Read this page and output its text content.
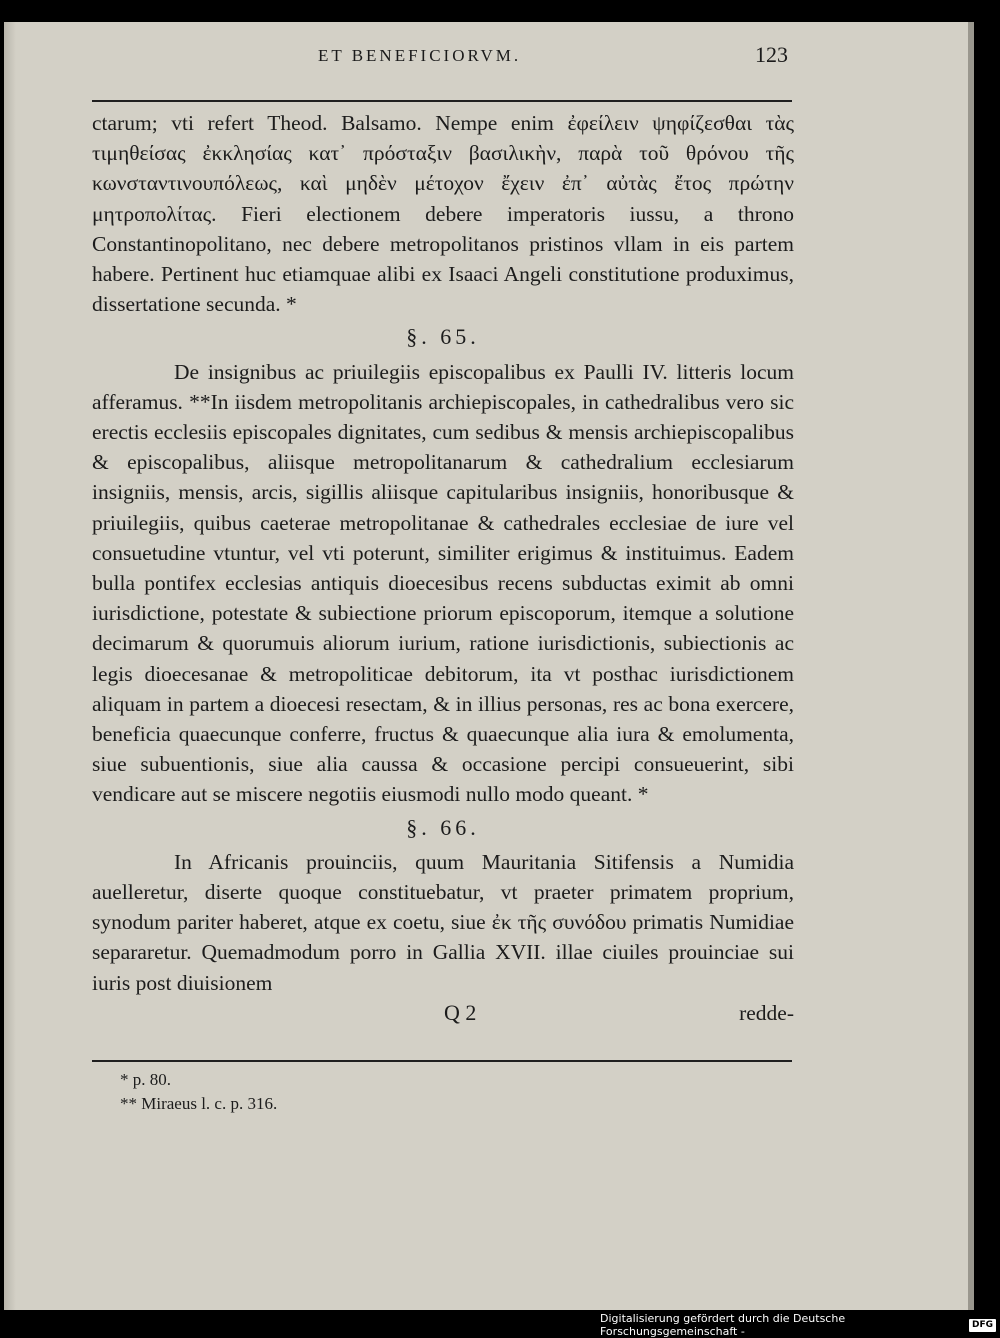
ET BENEFICIORVM.	123

ctarum; vti refert Theod. Balsamo. Nempe enim ἐφείλειν ψηφίζεσθαι τὰς τιμηθείσας ἐκκλησίας κατ᾽ πρόσταξιν βασιλικὴν, παρὰ τοῦ θρόνου τῆς κωνσταντινουπόλεως, καὶ μηδὲν μέτοχον ἔχειν ἐπ᾽ αὐτὰς ἔτος πρώτην μητροπολίτας. Fieri electionem debere imperatoris iussu, a throno Constantinopolitano, nec debere metropolitanos pristinos vllam in eis partem habere. Pertinent huc etiamquae alibi ex Isaaci Angeli constitutione produximus, dissertatione secunda. *

§. 65.

De insignibus ac priuilegiis episcopalibus ex Paulli IV. litteris locum afferamus. **In iisdem metropolitanis archiepiscopales, in cathedralibus vero sic erectis ecclesiis episcopales dignitates, cum sedibus & mensis archiepiscopalibus & episcopalibus, aliisque metropolitanarum & cathedralium ecclesiarum insigniis, mensis, arcis, sigillis aliisque capitularibus insigniis, honoribusque & priuilegiis, quibus caeterae metropolitanae & cathedrales ecclesiae de iure vel consuetudine vtuntur, vel vti poterunt, similiter erigimus & instituimus. Eadem bulla pontifex ecclesias antiquis dioecesibus recens subductas eximit ab omni iurisdictione, potestate & subiectione priorum episcoporum, itemque a solutione decimarum & quorumuis aliorum iurium, ratione iurisdictionis, subiectionis ac legis dioecesanae & metropoliticae debitorum, ita vt posthac iurisdictionem aliquam in partem a dioecesi resectam, & in illius personas, res ac bona exercere, beneficia quaecunque conferre, fructus & quaecunque alia iura & emolumenta, siue subuentionis, siue alia caussa & occasione percipi consueuerint, sibi vendicare aut se miscere negotiis eiusmodi nullo modo queant. *

§. 66.

In Africanis prouinciis, quum Mauritania Sitifensis a Numidia auelleretur, diserte quoque constituebatur, vt praeter primatem proprium, synodum pariter haberet, atque ex coetu, siue ἐκ τῆς συνόδου primatis Numidiae separaretur. Quemadmodum porro in Gallia XVII. illae ciuiles prouinciae sui iuris post diuisionem

Q 2	redde-
* p. 80.
** Miraeus l. c. p. 316.
Digitalisierung gefördert durch die Deutsche Forschungsgemeinschaft -
DFG
